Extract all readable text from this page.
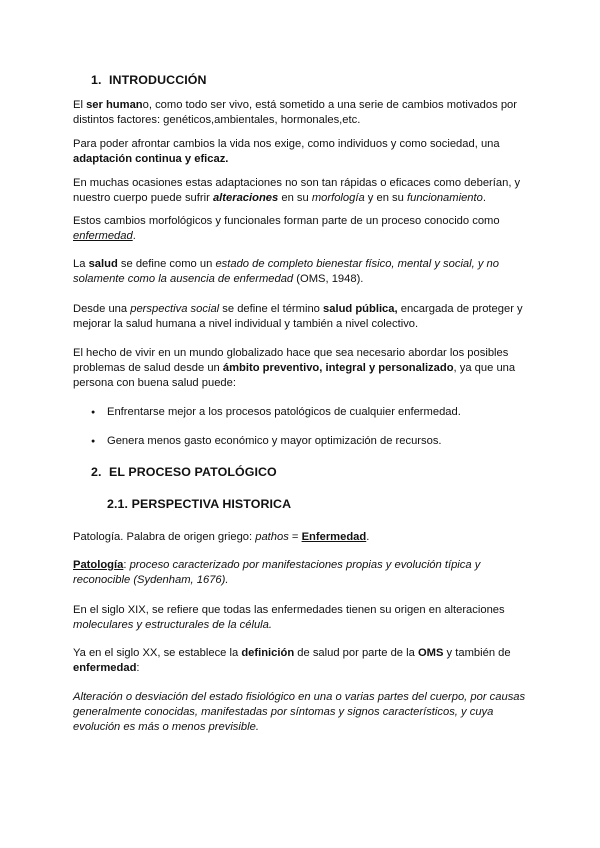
1. INTRODUCCIÓN

El ser humano, como todo ser vivo, está sometido a una serie de cambios motivados por distintos factores: genéticos,ambientales, hormonales,etc.

Para poder afrontar cambios la vida nos exige, como individuos y como sociedad, una adaptación continua y eficaz.

En muchas ocasiones estas adaptaciones no son tan rápidas o eficaces como deberían, y nuestro cuerpo puede sufrir alteraciones en su morfología y en su funcionamiento.

Estos cambios morfológicos y funcionales forman parte de un proceso conocido como enfermedad.

La salud se define como un estado de completo bienestar físico, mental y social, y no solamente como la ausencia de enfermedad (OMS, 1948).

Desde una perspectiva social se define el término salud pública, encargada de proteger y mejorar la salud humana a nivel individual y también a nivel colectivo.

El hecho de vivir en un mundo globalizado hace que sea necesario abordar los posibles problemas de salud desde un ámbito preventivo, integral y personalizado, ya que una persona con buena salud puede:

● Enfrentarse mejor a los procesos patológicos de cualquier enfermedad.
● Genera menos gasto económico y mayor optimización de recursos.
2. EL PROCESO PATOLÓGICO
2.1. PERSPECTIVA HISTORICA

Patología. Palabra de origen griego: pathos = Enfermedad.

Patología: proceso caracterizado por manifestaciones propias y evolución típica y reconocible (Sydenham, 1676).

En el siglo XIX, se refiere que todas las enfermedades tienen su origen en alteraciones moleculares y estructurales de la célula.

Ya en el siglo XX, se establece la definición de salud por parte de la OMS y también de enfermedad:

Alteración o desviación del estado fisiológico en una o varias partes del cuerpo, por causas generalmente conocidas, manifestadas por síntomas y signos característicos, y cuya evolución es más o menos previsible.
